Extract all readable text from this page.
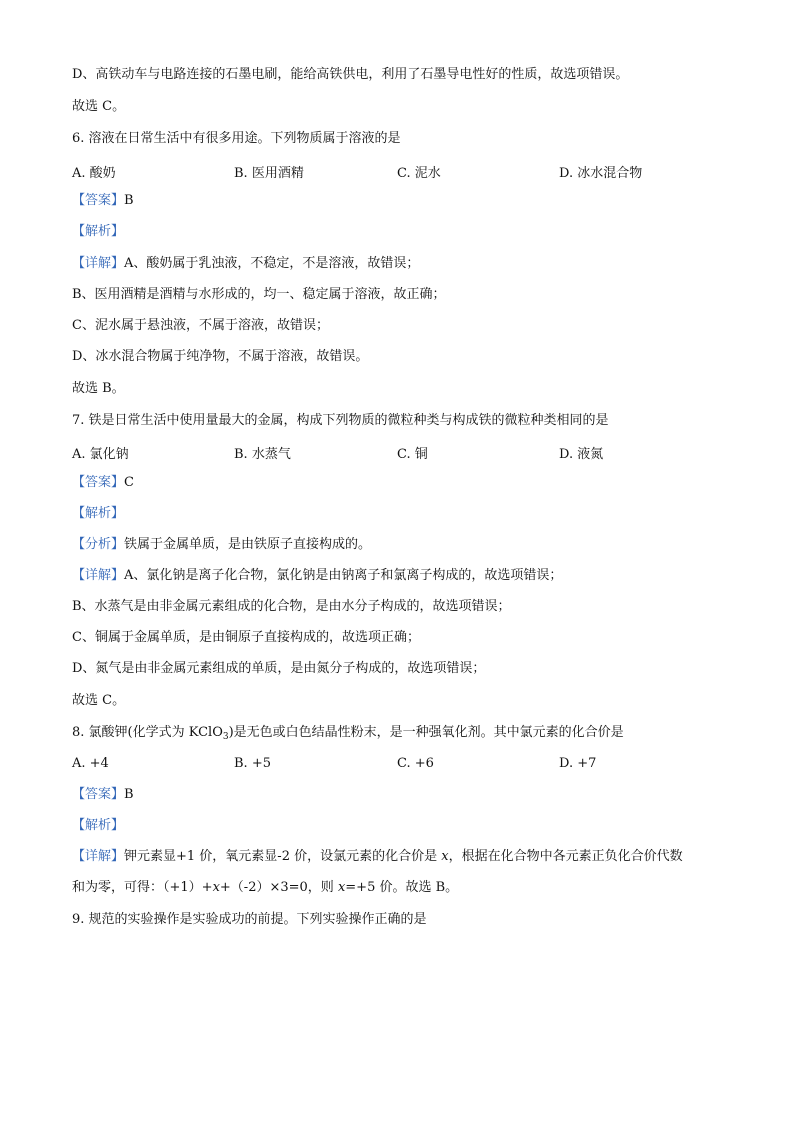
D、高铁动车与电路连接的石墨电刷，能给高铁供电，利用了石墨导电性好的性质，故选项错误。
故选 C。
6. 溶液在日常生活中有很多用途。下列物质属于溶液的是
A. 酸奶	B. 医用酒精	C. 泥水	D. 冰水混合物
【答案】B
【解析】
【详解】A、酸奶属于乳浊液，不稳定，不是溶液，故错误；
B、医用酒精是酒精与水形成的，均一、稳定属于溶液，故正确；
C、泥水属于悬浊液，不属于溶液，故错误；
D、冰水混合物属于纯净物，不属于溶液，故错误。
故选 B。
7. 铁是日常生活中使用量最大的金属，构成下列物质的微粒种类与构成铁的微粒种类相同的是
A. 氯化钠	B. 水蒸气	C. 铜	D. 液氮
【答案】C
【解析】
【分析】铁属于金属单质，是由铁原子直接构成的。
【详解】A、氯化钠是离子化合物，氯化钠是由钠离子和氯离子构成的，故选项错误；
B、水蒸气是由非金属元素组成的化合物，是由水分子构成的，故选项错误；
C、铜属于金属单质，是由铜原子直接构成的，故选项正确；
D、氮气是由非金属元素组成的单质，是由氮分子构成的，故选项错误；
故选 C。
8. 氯酸钾(化学式为 KClO$_3$)是无色或白色结晶性粉末，是一种强氧化剂。其中氯元素的化合价是
A. +4	B. +5	C. +6	D. +7
【答案】B
【解析】
【详解】钾元素显+1 价，氧元素显-2 价，设氯元素的化合价是 x，根据在化合物中各元素正负化合价代数
和为零，可得：（+1）+x+（-2）×3=0，则 x=+5 价。故选 B。
9. 规范的实验操作是实验成功的前提。下列实验操作正确的是
